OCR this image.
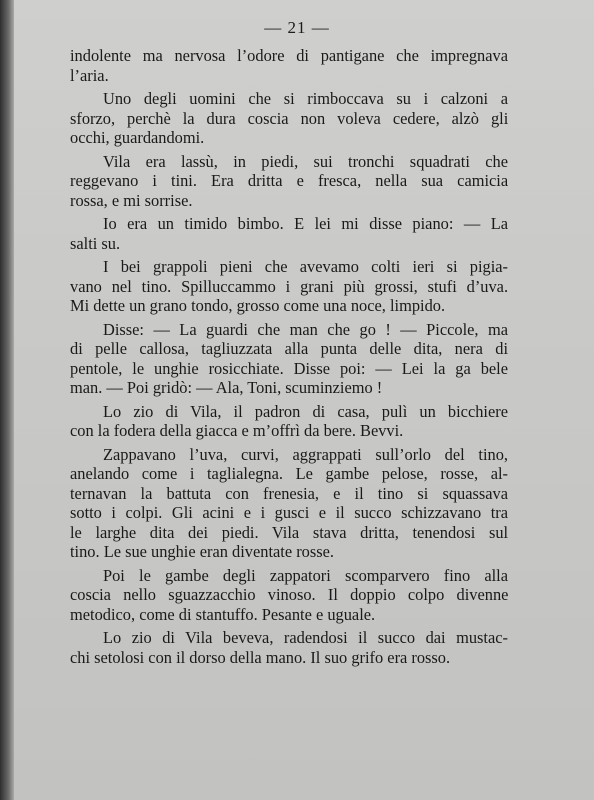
— 21 —
indolente ma nervosa l’odore di pantigane che impregnava
l’aria.
Uno degli uomini che si rimboccava su i calzoni a
sforzo, perchè la dura coscia non voleva cedere, alzò gli
occhi, guardandomi.
Vila era lassù, in piedi, sui tronchi squadrati che
reggevano i tini. Era dritta e fresca, nella sua camicia
rossa, e mi sorrise.
Io era un timido bimbo. E lei mi disse piano: — La
salti su.
I bei grappoli pieni che avevamo colti ieri si pigia-
vano nel tino. Spilluccammo i grani più grossi, stufi d’uva.
Mi dette un grano tondo, grosso come una noce, limpido.
Disse: — La guardi che man che go ! — Piccole, ma
di pelle callosa, tagliuzzata alla punta delle dita, nera di
pentole, le unghie rosicchiate. Disse poi: — Lei la ga bele
man. — Poi gridò: — Ala, Toni, scuminziemo !
Lo zio di Vila, il padron di casa, pulì un bicchiere
con la fodera della giacca e m’offrì da bere. Bevvi.
Zappavano l’uva, curvi, aggrappati sull’orlo del tino,
anelando come i taglialegna. Le gambe pelose, rosse, al-
ternavan la battuta con frenesia, e il tino si squassava
sotto i colpi. Gli acini e i gusci e il succo schizzavano tra
le larghe dita dei piedi. Vila stava dritta, tenendosi sul
tino. Le sue unghie eran diventate rosse.
Poi le gambe degli zappatori scomparvero fino alla
coscia nello sguazzacchio vinoso. Il doppio colpo divenne
metodico, come di stantuffo. Pesante e uguale.
Lo zio di Vila beveva, radendosi il succo dai mustac-
chi setolosi con il dorso della mano. Il suo grifo era rosso.
